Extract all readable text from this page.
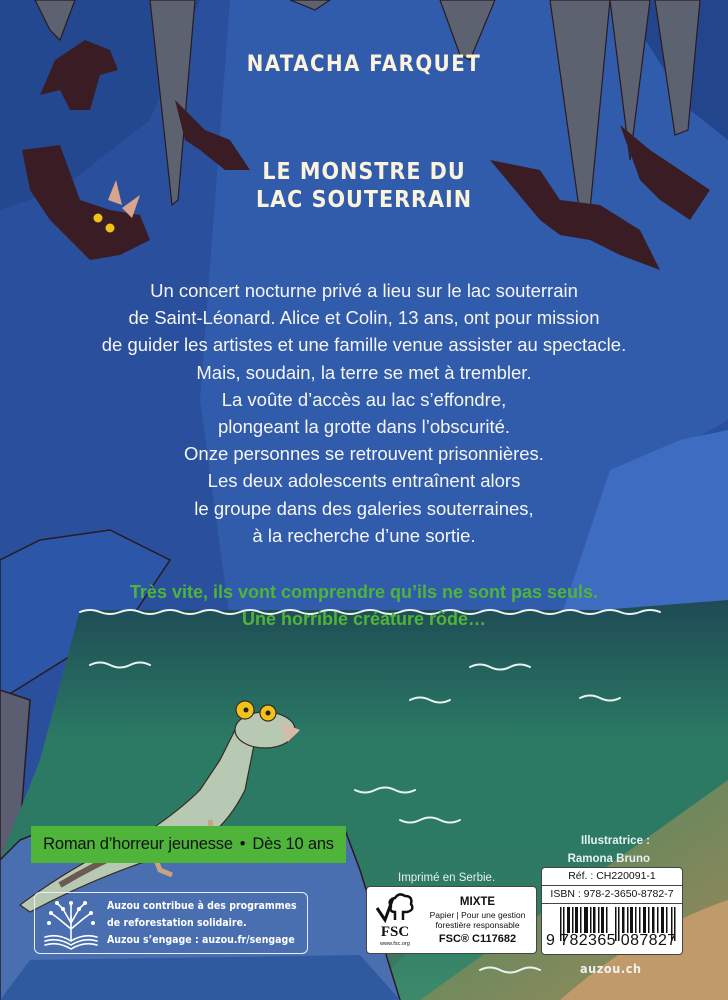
NATACHA FARQUET
LE MONSTRE DU
LAC SOUTERRAIN
Un concert nocturne privé a lieu sur le lac souterrain
de Saint-Léonard. Alice et Colin, 13 ans, ont pour mission
de guider les artistes et une famille venue assister au spectacle.
Mais, soudain, la terre se met à trembler.
La voûte d’accès au lac s’effondre,
plongeant la grotte dans l’obscurité.
Onze personnes se retrouvent prisonnières.
Les deux adolescents entraînent alors
le groupe dans des galeries souterraines,
à la recherche d’une sortie.
Très vite, ils vont comprendre qu’ils ne sont pas seuls.
Une horrible créature rôde…
Roman d’horreur jeunesse • Dès 10 ans
Auzou contribue à des programmes
de reforestation solidaire.
Auzou s’engage : auzou.fr/sengage
Imprimé en Serbie.
FSC
www.fsc.org
MIXTE
Papier | Pour une gestion
forestière responsable
FSC® C117682
Illustratrice :
Ramona Bruno
Réf. : CH220091-1
ISBN : 978-2-3650-8782-7
9 782365 087827
auzou.ch
